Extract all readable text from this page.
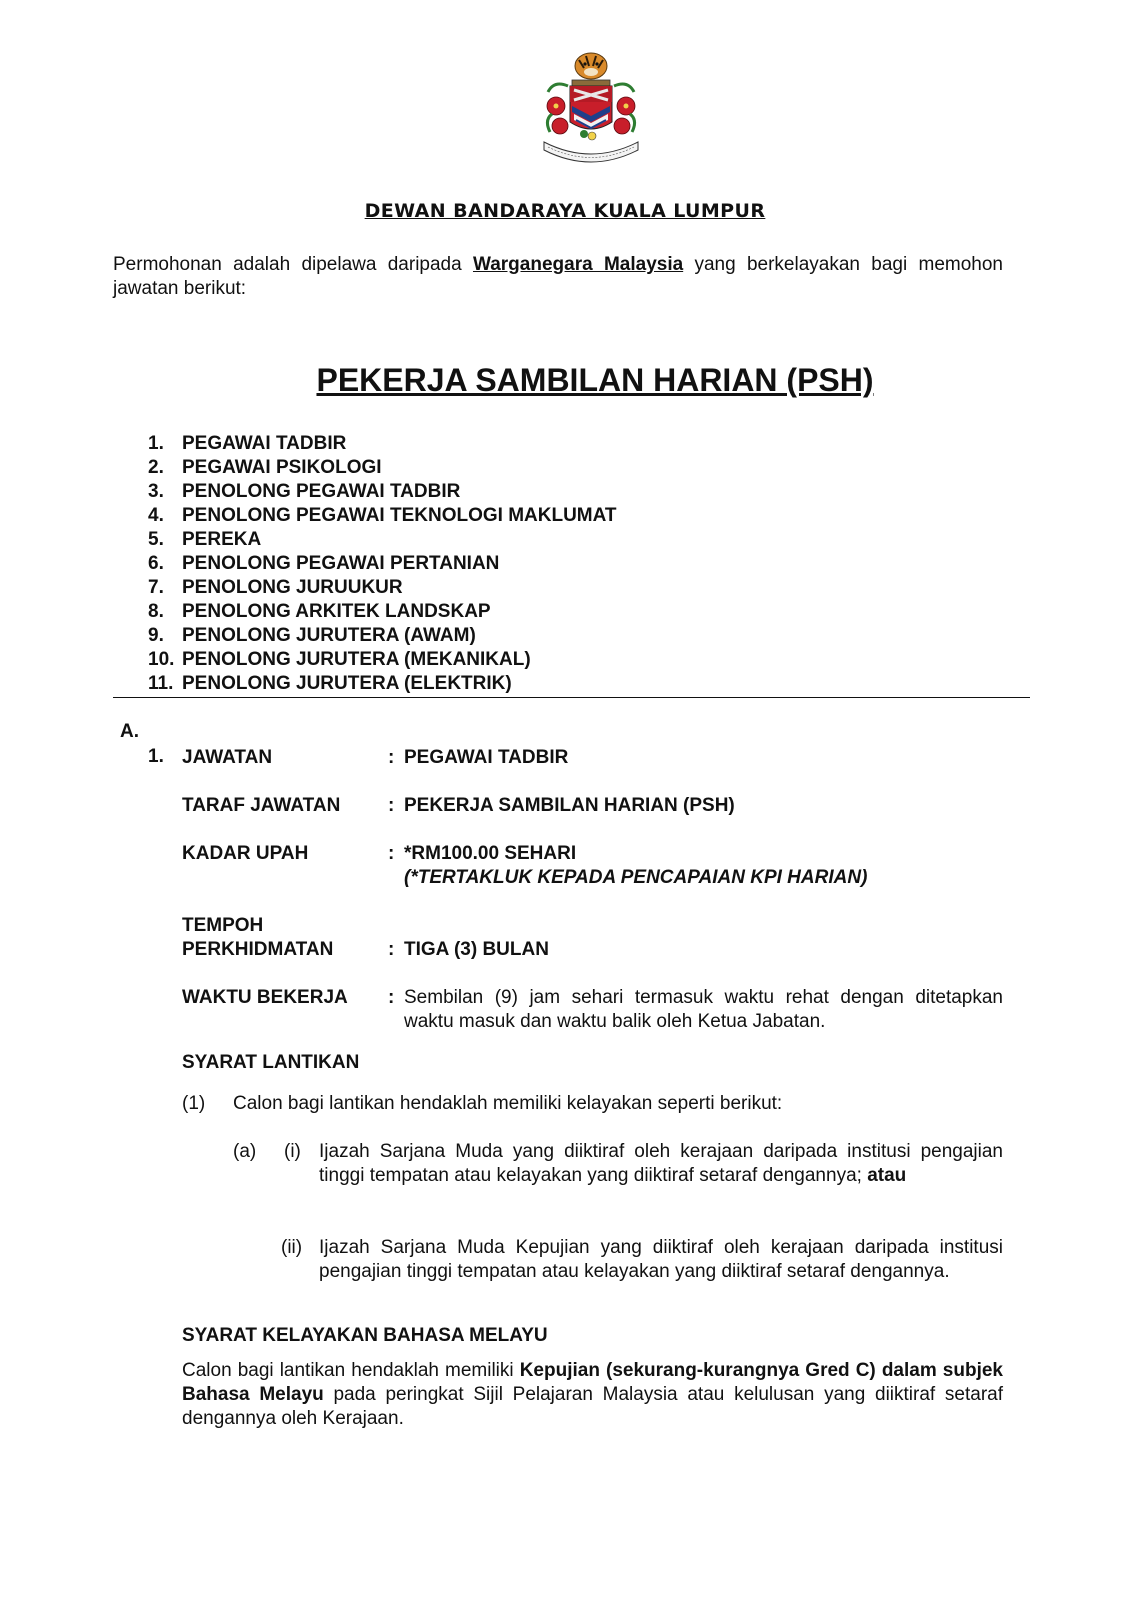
DEWAN BANDARAYA KUALA LUMPUR
Permohonan adalah dipelawa daripada Warganegara Malaysia yang berkelayakan bagi memohon jawatan berikut:
PEKERJA SAMBILAN HARIAN (PSH)
1. PEGAWAI TADBIR
2. PEGAWAI PSIKOLOGI
3. PENOLONG PEGAWAI TADBIR
4. PENOLONG PEGAWAI TEKNOLOGI MAKLUMAT
5. PEREKA
6. PENOLONG PEGAWAI PERTANIAN
7. PENOLONG JURUUKUR
8. PENOLONG ARKITEK LANDSKAP
9. PENOLONG JURUTERA (AWAM)
10. PENOLONG JURUTERA (MEKANIKAL)
11. PENOLONG JURUTERA (ELEKTRIK)
A.
1. JAWATAN	: PEGAWAI TADBIR
TARAF JAWATAN	: PEKERJA SAMBILAN HARIAN (PSH)
KADAR UPAH	: *RM100.00 SEHARI
(*TERTAKLUK KEPADA PENCAPAIAN KPI HARIAN)
TEMPOH
PERKHIDMATAN	: TIGA (3) BULAN
WAKTU BEKERJA : Sembilan (9) jam sehari termasuk waktu rehat dengan ditetapkan waktu masuk dan waktu balik oleh Ketua Jabatan.
SYARAT LANTIKAN
(1) Calon bagi lantikan hendaklah memiliki kelayakan seperti berikut:
(a) (i) Ijazah Sarjana Muda yang diiktiraf oleh kerajaan daripada institusi pengajian tinggi tempatan atau kelayakan yang diiktiraf setaraf dengannya; atau
(ii) Ijazah Sarjana Muda Kepujian yang diiktiraf oleh kerajaan daripada institusi pengajian tinggi tempatan atau kelayakan yang diiktiraf setaraf dengannya.
SYARAT KELAYAKAN BAHASA MELAYU
Calon bagi lantikan hendaklah memiliki Kepujian (sekurang-kurangnya Gred C) dalam subjek Bahasa Melayu pada peringkat Sijil Pelajaran Malaysia atau kelulusan yang diiktiraf setaraf dengannya oleh Kerajaan.
